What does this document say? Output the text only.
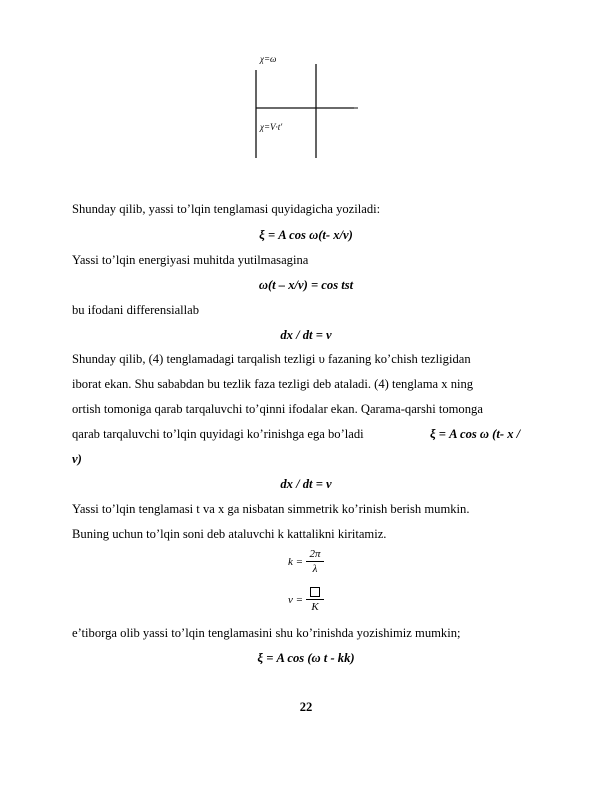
χ=ω
χ=V·t'
Shunday qilib, yassi to’lqin tenglamasi quyidagicha yoziladi:
ξ = A cos ω(t- x/v)
Yassi to’lqin energiyasi muhitda yutilmasagina
ω(t – x/v) = cos tst
bu ifodani differensiallab
dx / dt = v
Shunday qilib, (4) tenglamadagi tarqalish tezligi υ fazaning ko’chish tezligidan
iborat ekan. Shu sababdan bu tezlik faza tezligi deb ataladi. (4) tenglama x ning
ortish tomoniga qarab tarqaluvchi to’qinni ifodalar ekan. Qarama-qarshi tomonga
qarab tarqaluvchi to’lqin quyidagi ko’rinishga ega bo’ladi	ξ = A cos ω (t- x /
v)
dx / dt = v
Yassi to’lqin tenglamasi t va x ga nisbatan simmetrik ko’rinish berish mumkin.
Buning uchun to’lqin soni deb ataluvchi k kattalikni kiritamiz.
k =
2π
λ
v =
K
e’tiborga olib yassi to’lqin tenglamasini shu ko’rinishda yozishimiz mumkin;
ξ = A cos (ω t - kk)
22
